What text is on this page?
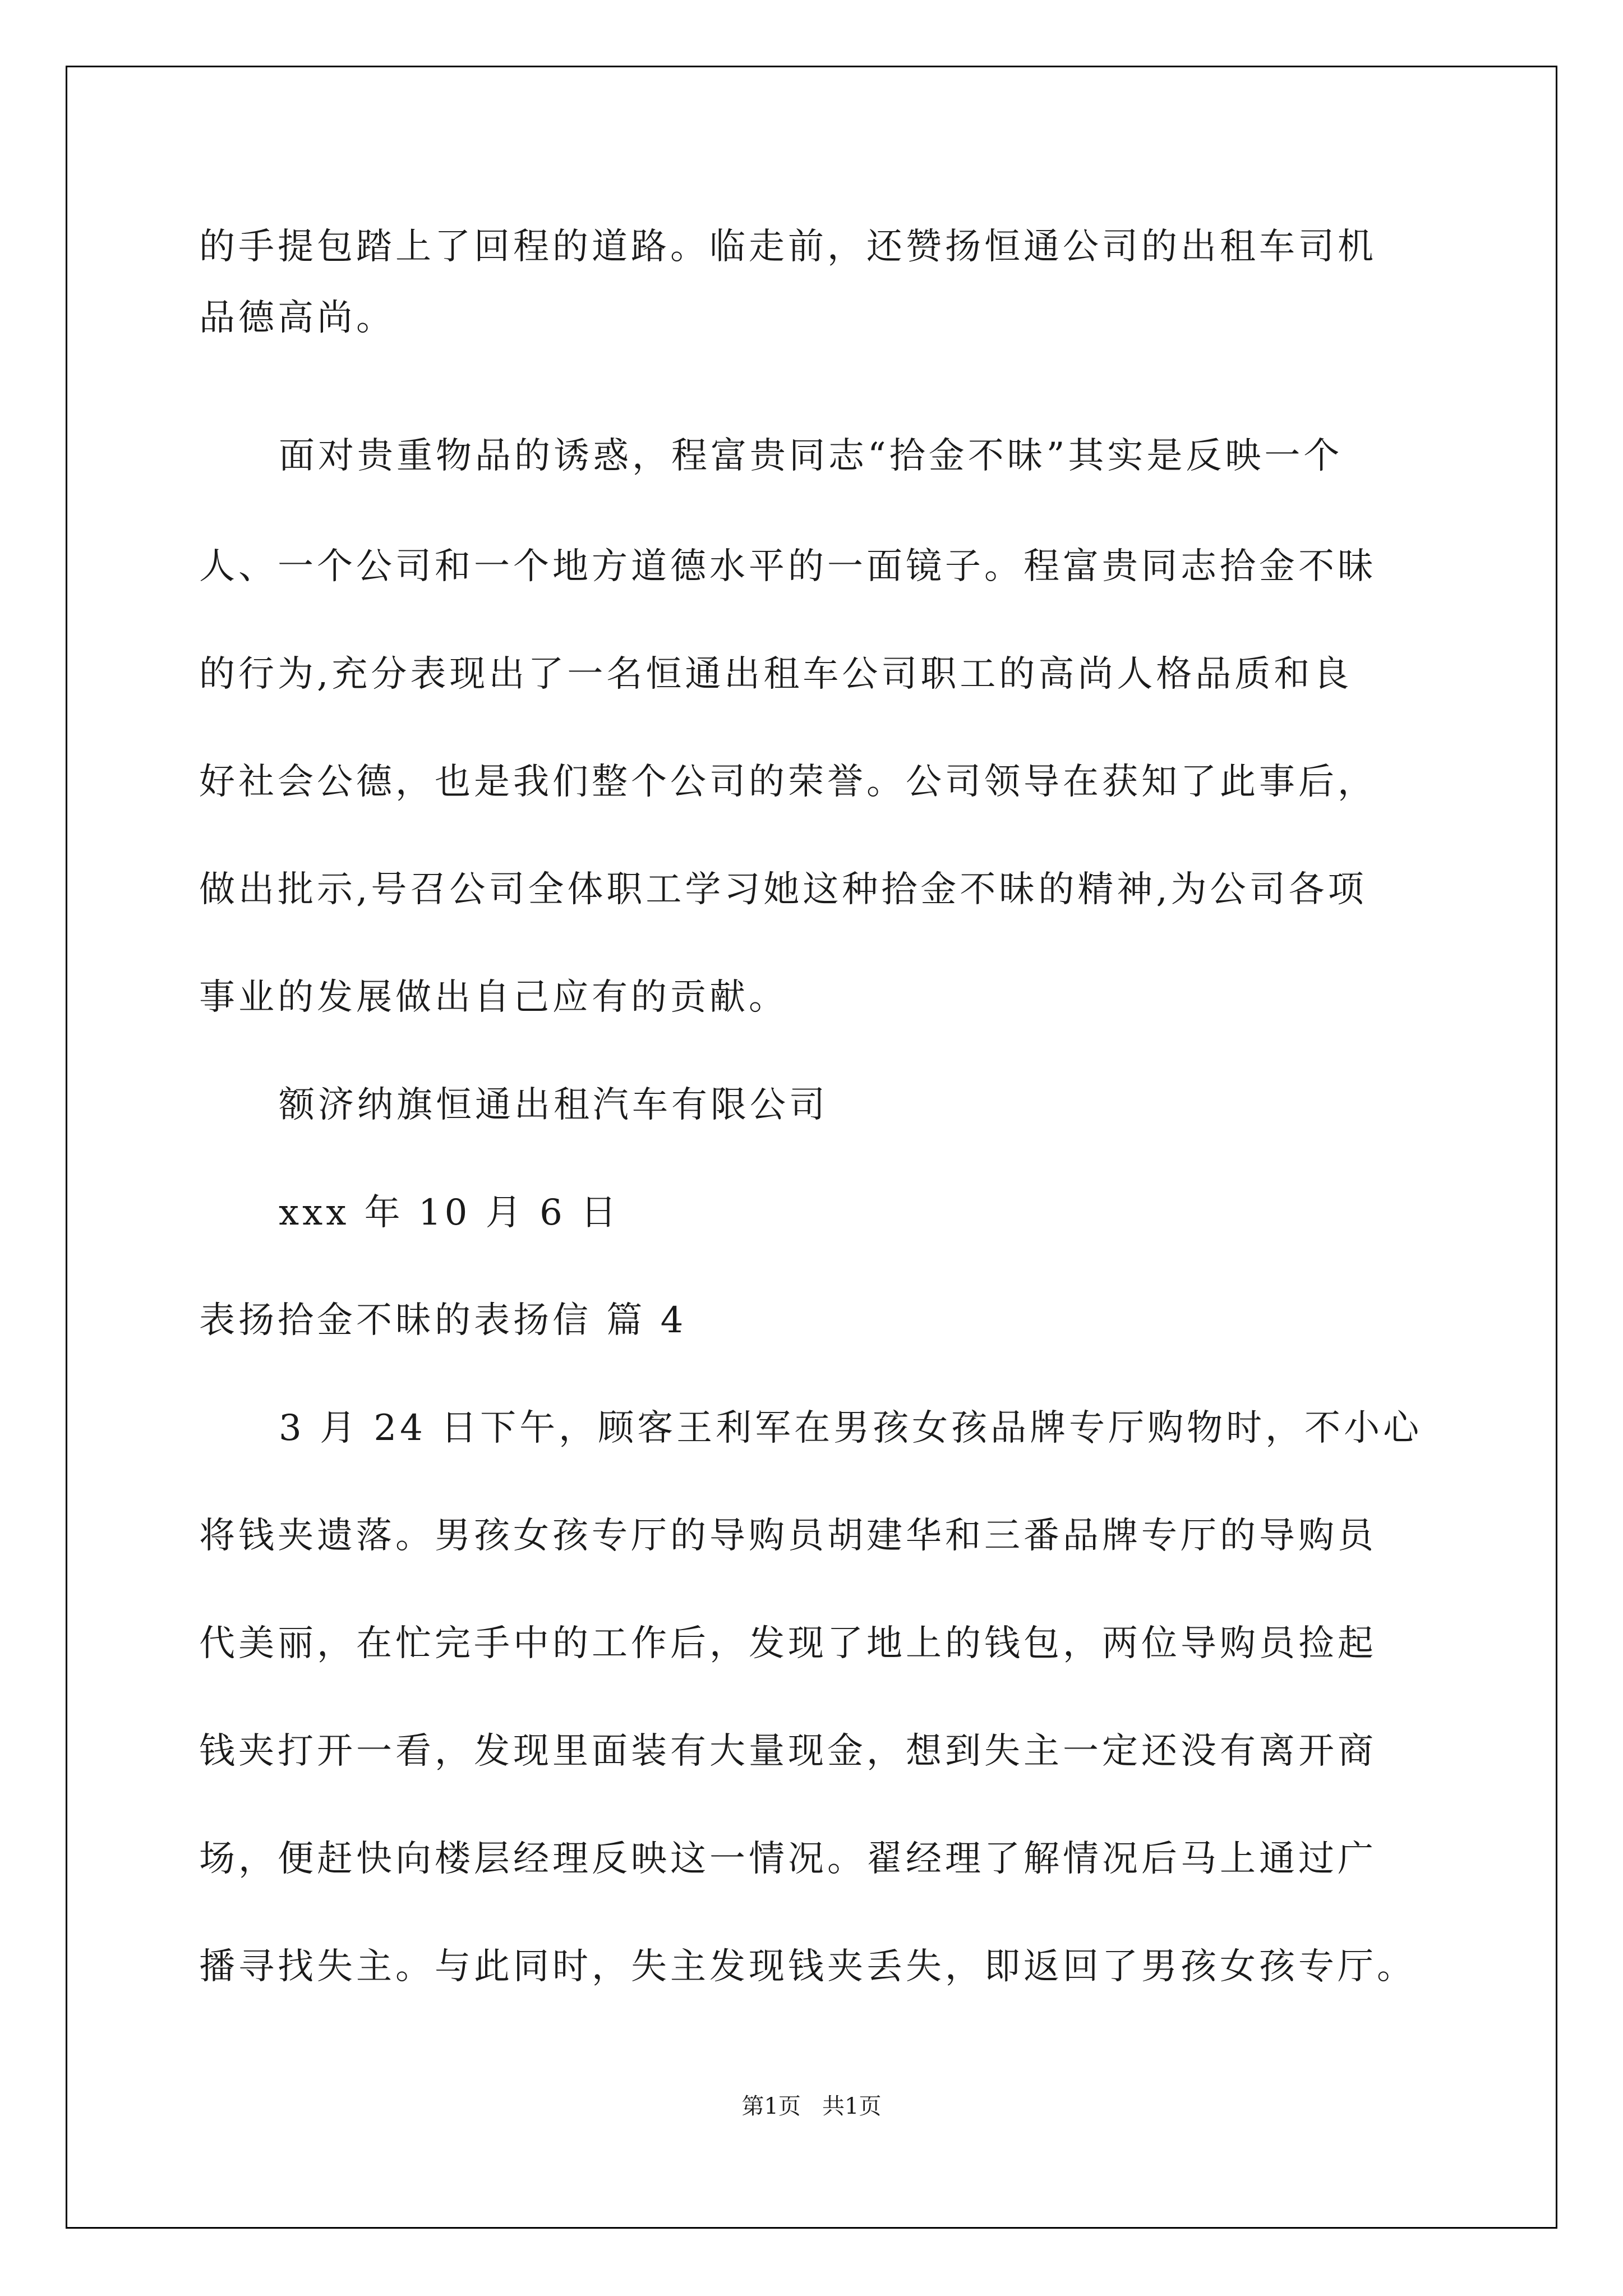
的手提包踏上了回程的道路。临走前，还赞扬恒通公司的出租车司机

品德高尚。

面对贵重物品的诱惑，程富贵同志“拾金不昧”其实是反映一个

人、一个公司和一个地方道德水平的一面镜子。程富贵同志拾金不昧

的行为,充分表现出了一名恒通出租车公司职工的高尚人格品质和良

好社会公德，也是我们整个公司的荣誉。公司领导在获知了此事后，

做出批示,号召公司全体职工学习她这种拾金不昧的精神,为公司各项

事业的发展做出自己应有的贡献。

额济纳旗恒通出租汽车有限公司

xxx 年 10 月 6 日

表扬拾金不昧的表扬信 篇 4

3 月 24 日下午，顾客王利军在男孩女孩品牌专厅购物时，不小心

将钱夹遗落。男孩女孩专厅的导购员胡建华和三番品牌专厅的导购员

代美丽，在忙完手中的工作后，发现了地上的钱包，两位导购员捡起

钱夹打开一看，发现里面装有大量现金，想到失主一定还没有离开商

场，便赶快向楼层经理反映这一情况。翟经理了解情况后马上通过广

播寻找失主。与此同时，失主发现钱夹丢失，即返回了男孩女孩专厅。

第1页   共1页
